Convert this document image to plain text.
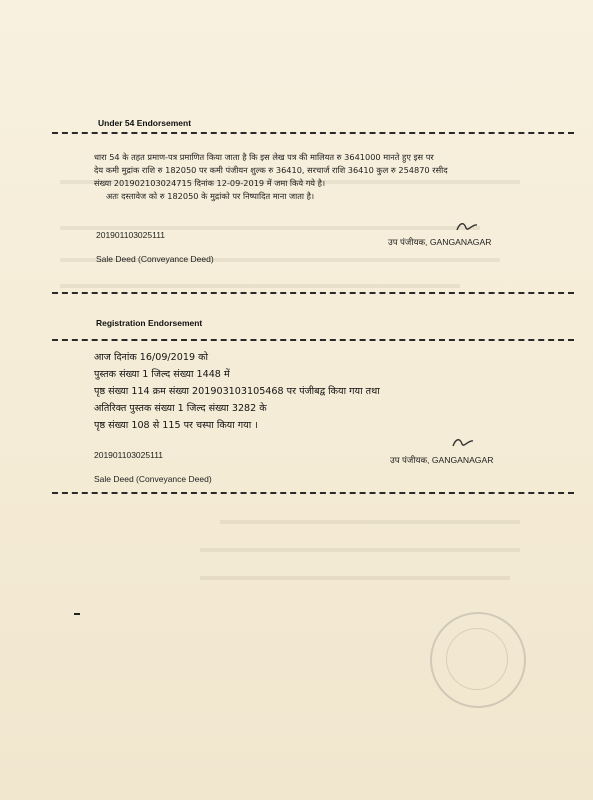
Under 54 Endorsement
धारा 54 के तहत प्रमाण-पत्र प्रमाणित किया जाता है कि इस लेख पत्र की मालियत रु 3641000 मानते हुए इस पर
देय कमी मुद्रांक राशि रु 182050 पर कमी पंजीयन शुल्क रु 36410, सरचार्ज राशि 36410 कुल रु 254870 रसीद
संख्या 201902103024715 दिनांक 12-09-2019 में जमा किये गये है।
अतः दस्तावेज को रु 182050 के मुद्रांको पर निष्पादित माना जाता है।
201901103025111
उप पंजीयक, GANGANAGAR
Sale Deed (Conveyance Deed)
Registration Endorsement
आज दिनांक 16/09/2019 को
पुस्तक संख्या 1 जिल्द संख्या 1448 में
पृष्ठ संख्या 114 क्रम संख्या 201903103105468 पर पंजीबद्व किया गया तथा
अतिरिक्त पुस्तक संख्या 1 जिल्द संख्या 3282 के
पृष्ठ संख्या 108 से 115 पर चस्पा किया गया ।
201901103025111	उप पंजीयक, GANGANAGAR
Sale Deed (Conveyance Deed)
